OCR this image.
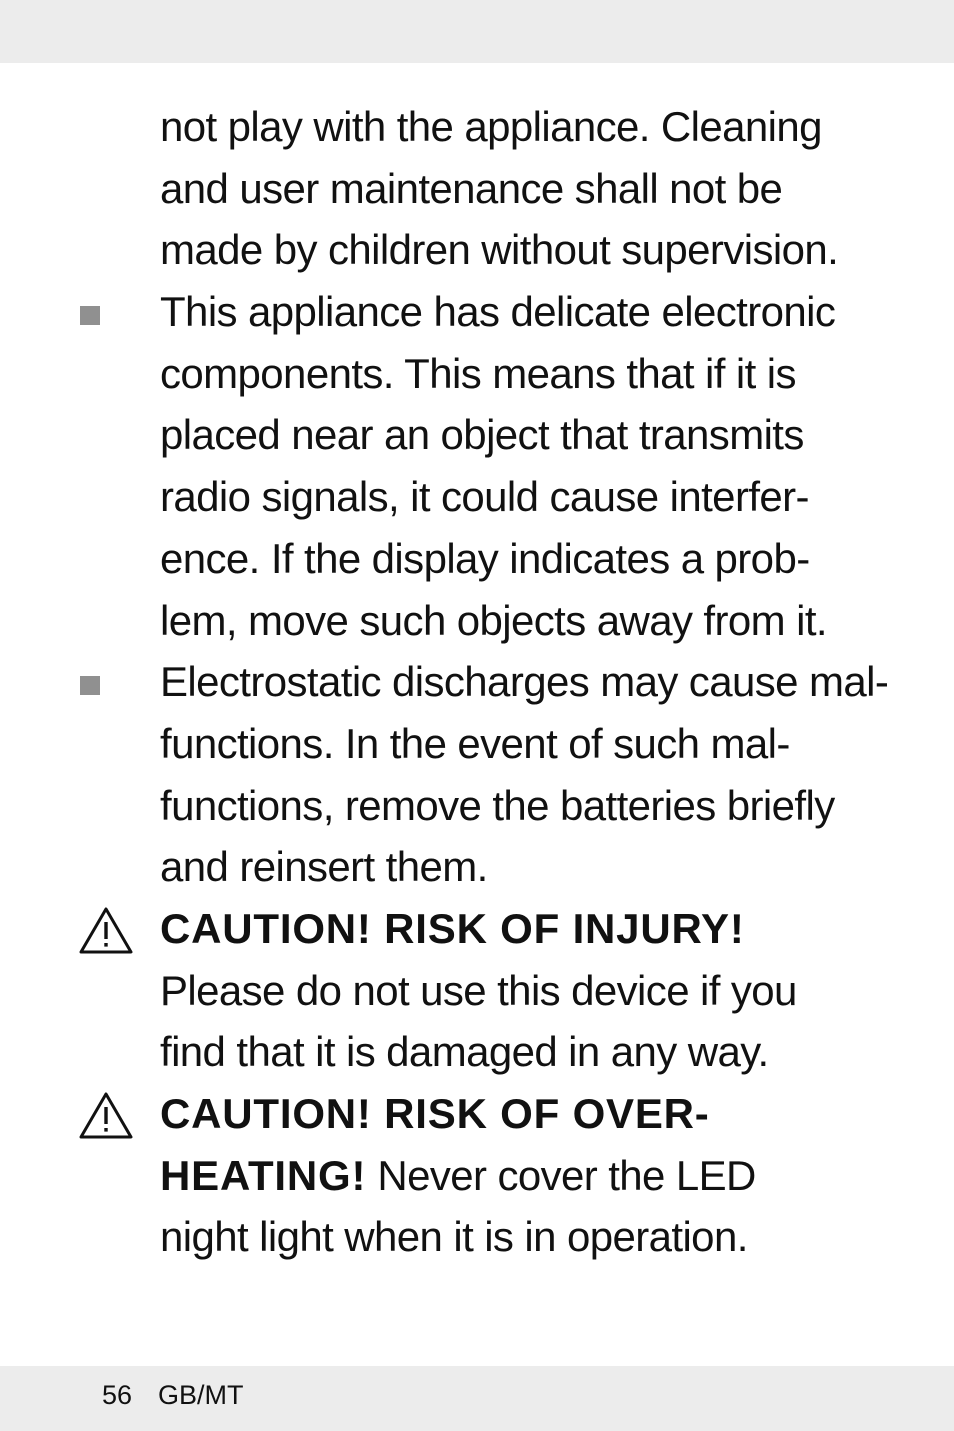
not play with the appliance. Cleaning
and user maintenance shall not be
made by children without supervision.
This appliance has delicate electronic
components. This means that if it is
placed near an object that transmits
radio signals, it could cause interfer-
ence. If the display indicates a prob-
lem, move such objects away from it.
Electrostatic discharges may cause mal-
functions. In the event of such mal-
functions, remove the batteries briefly
and reinsert them.
CAUTION! RISK OF INJURY!
Please do not use this device if you
find that it is damaged in any way.
CAUTION! RISK OF OVER-
HEATING! Never cover the LED
night light when it is in operation.
56 GB/MT
